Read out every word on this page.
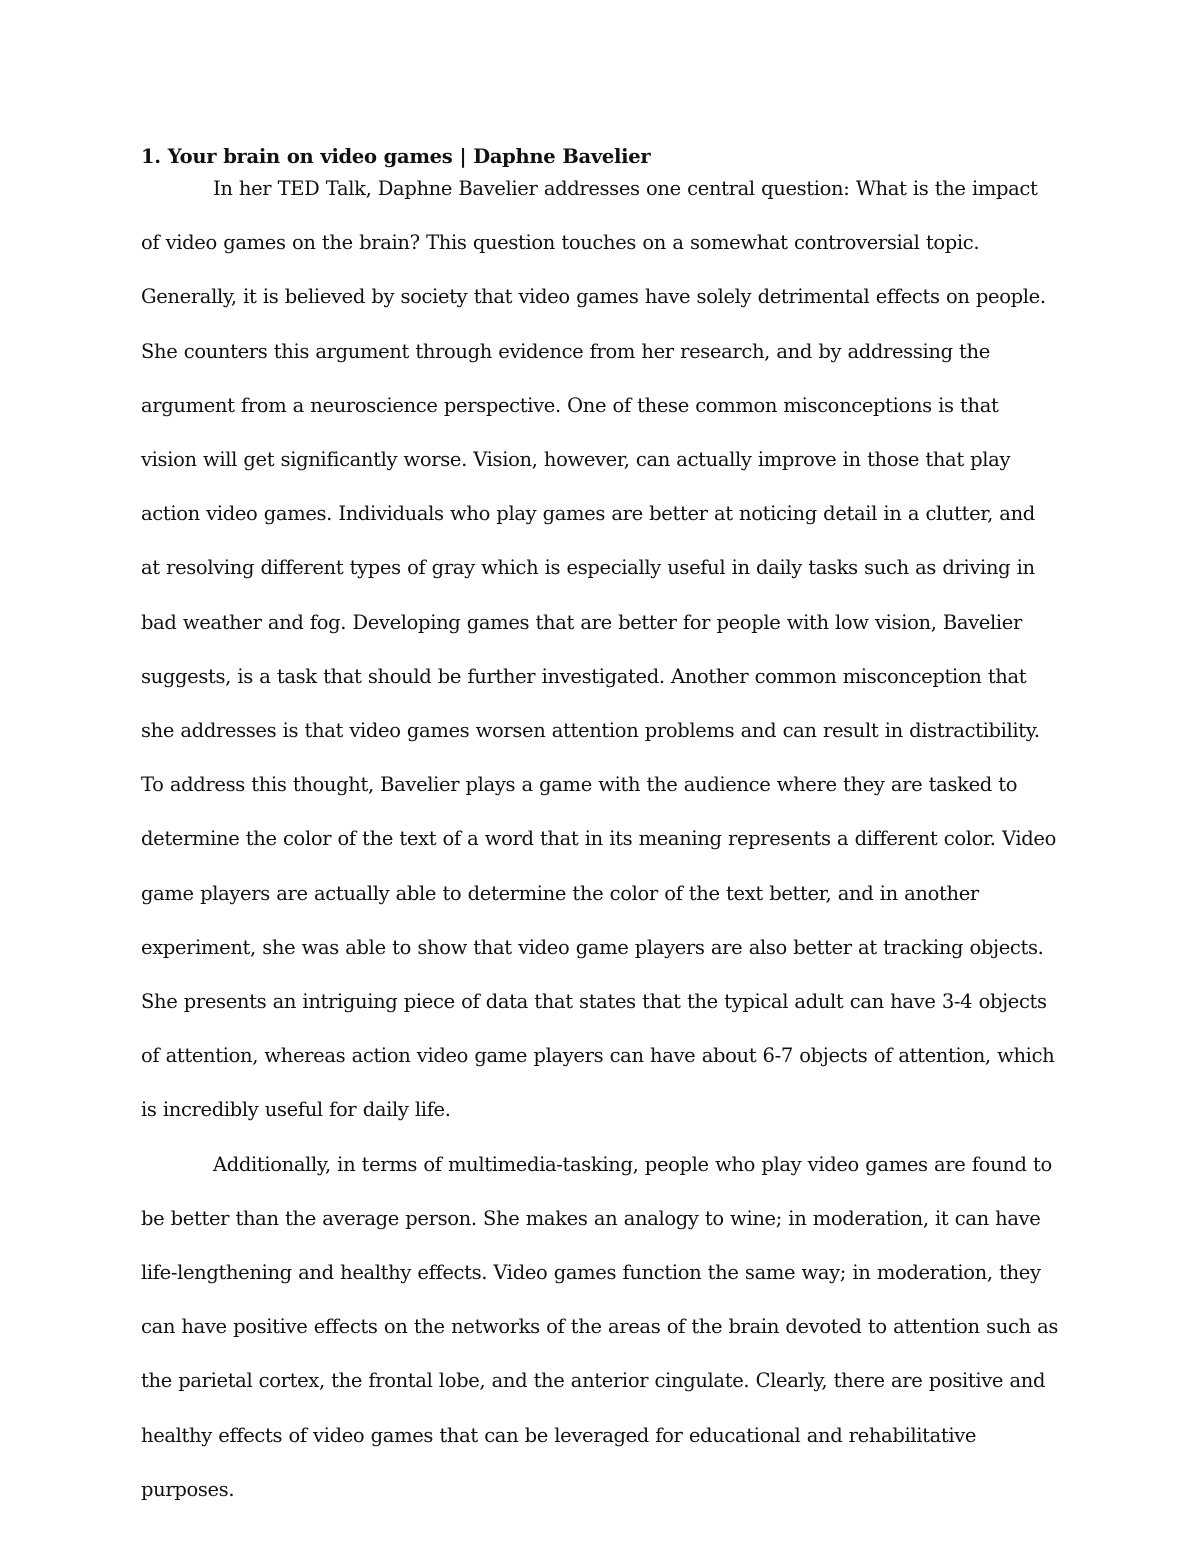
1. Your brain on video games | Daphne Bavelier

In her TED Talk, Daphne Bavelier addresses one central question: What is the impact of video games on the brain? This question touches on a somewhat controversial topic. Generally, it is believed by society that video games have solely detrimental effects on people. She counters this argument through evidence from her research, and by addressing the argument from a neuroscience perspective. One of these common misconceptions is that vision will get significantly worse. Vision, however, can actually improve in those that play action video games. Individuals who play games are better at noticing detail in a clutter, and at resolving different types of gray which is especially useful in daily tasks such as driving in bad weather and fog. Developing games that are better for people with low vision, Bavelier suggests, is a task that should be further investigated. Another common misconception that she addresses is that video games worsen attention problems and can result in distractibility. To address this thought, Bavelier plays a game with the audience where they are tasked to determine the color of the text of a word that in its meaning represents a different color. Video game players are actually able to determine the color of the text better, and in another experiment, she was able to show that video game players are also better at tracking objects. She presents an intriguing piece of data that states that the typical adult can have 3-4 objects of attention, whereas action video game players can have about 6-7 objects of attention, which is incredibly useful for daily life.

Additionally, in terms of multimedia-tasking, people who play video games are found to be better than the average person. She makes an analogy to wine; in moderation, it can have life-lengthening and healthy effects. Video games function the same way; in moderation, they can have positive effects on the networks of the areas of the brain devoted to attention such as the parietal cortex, the frontal lobe, and the anterior cingulate. Clearly, there are positive and healthy effects of video games that can be leveraged for educational and rehabilitative purposes.
